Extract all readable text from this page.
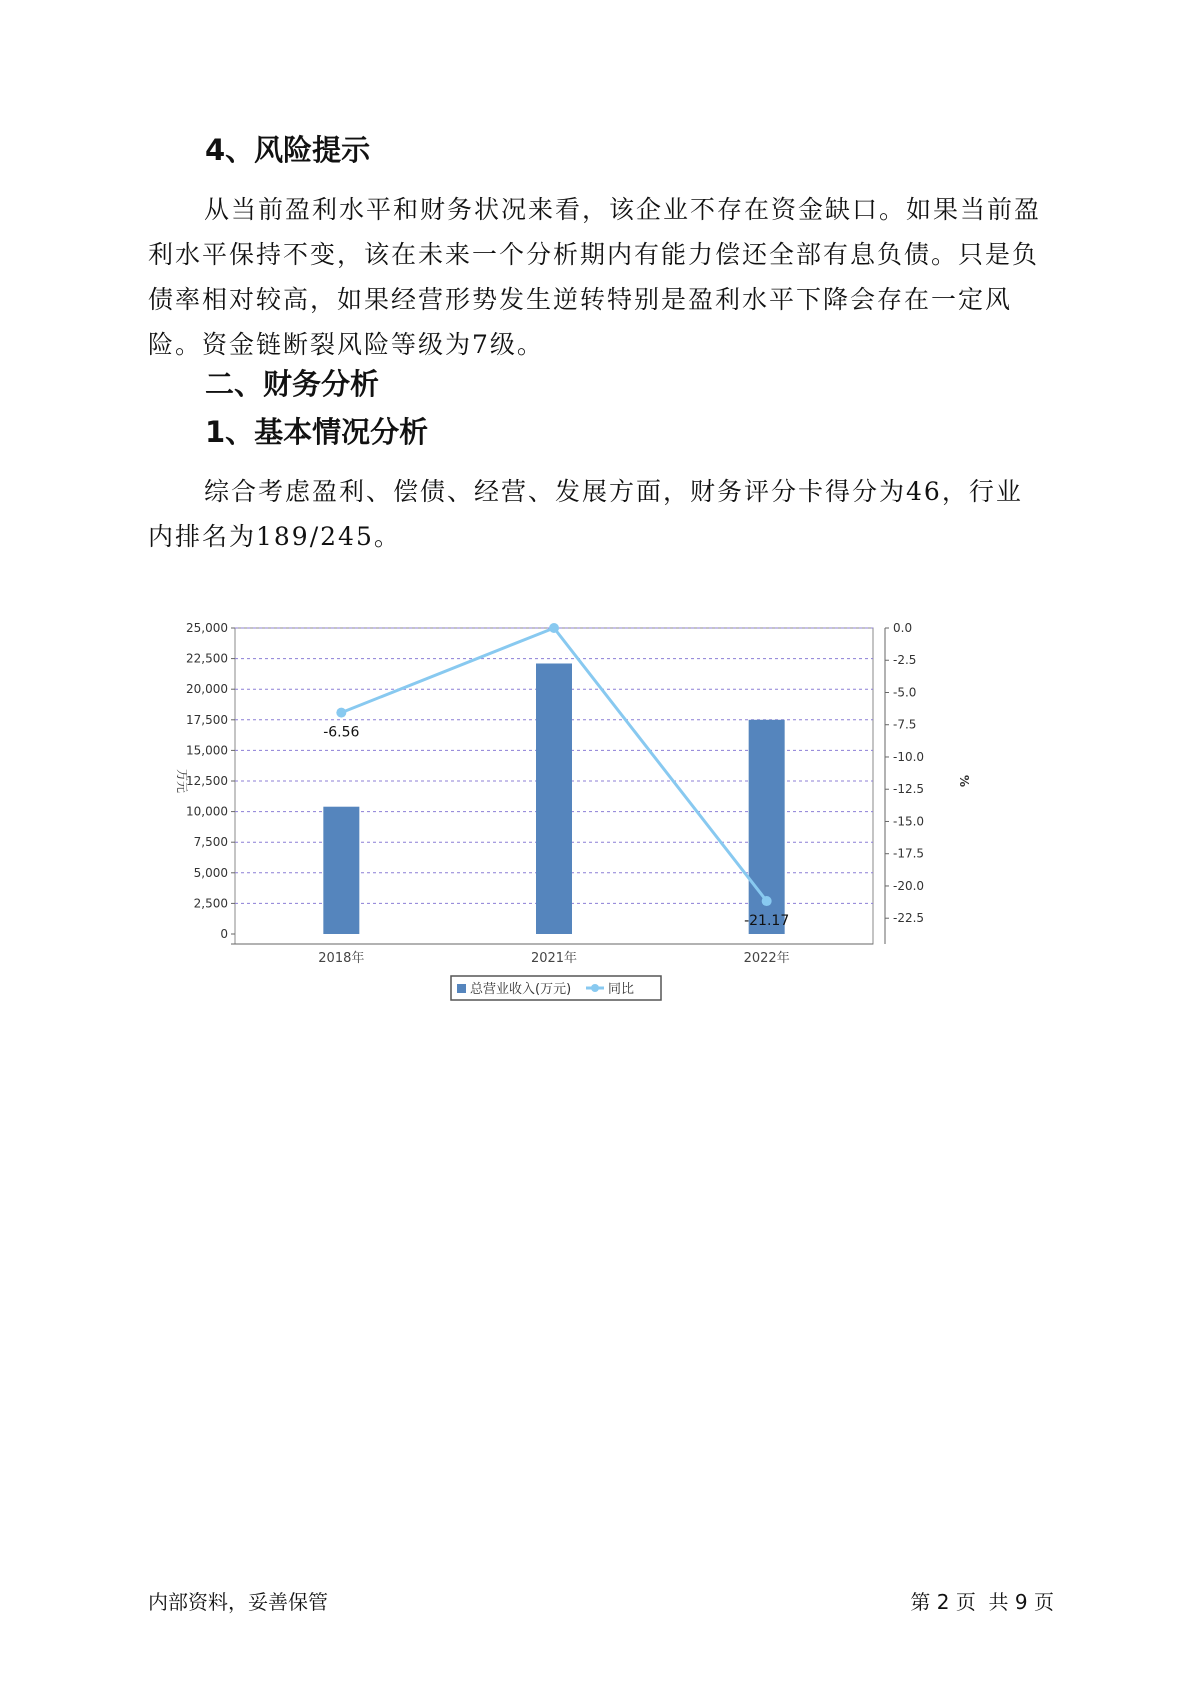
4、风险提示

从当前盈利水平和财务状况来看，该企业不存在资金缺口。如果当前盈利水平保持不变，该在未来一个分析期内有能力偿还全部有息负债。只是负债率相对较高，如果经营形势发生逆转特别是盈利水平下降会存在一定风险。资金链断裂风险等级为7级。

二、财务分析
1、基本情况分析

综合考虑盈利、偿债、经营、发展方面，财务评分卡得分为46，行业内排名为189/245。

0
2,500
5,000
7,500
10,000
12,500
15,000
17,500
20,000
22,500
25,000	0.0
-2.5
-5.0
-7.5
-10.0
-12.5
-15.0
-17.5
-20.0
-22.5
万元	%
2018年	2021年	2022年
-6.56
-21.17
总营业收入(万元)	同比
内部资料，妥善保管	第 2 页  共 9 页
